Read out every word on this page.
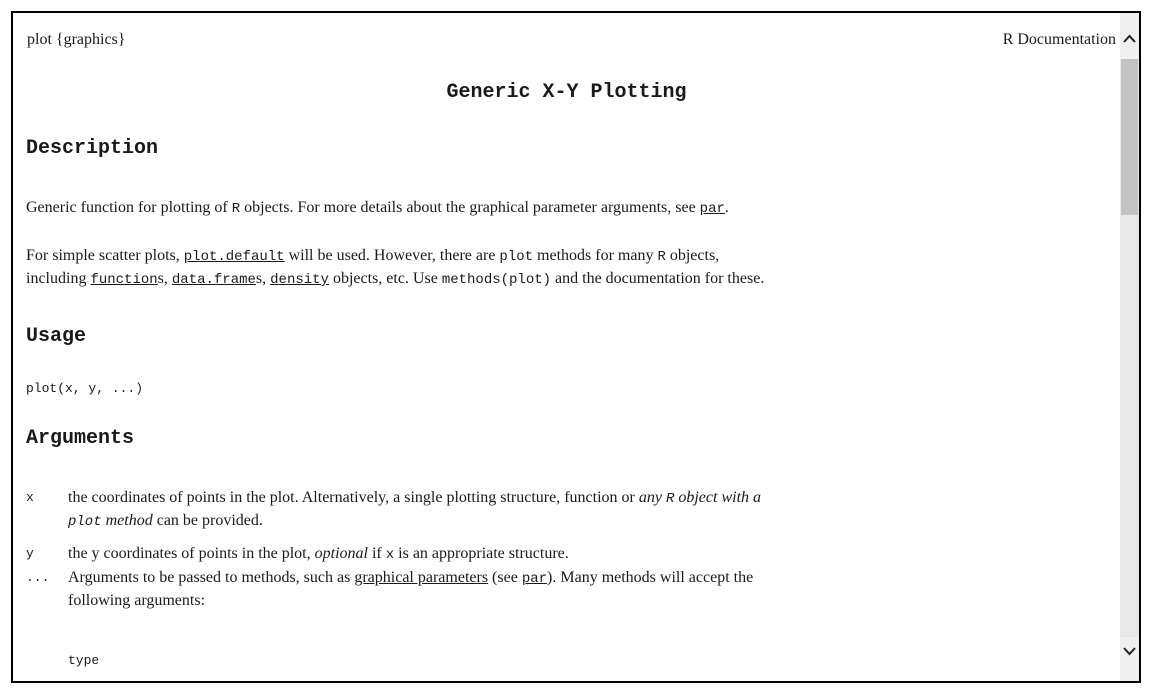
plot {graphics}	R Documentation
Generic X-Y Plotting
Description
Generic function for plotting of R objects. For more details about the graphical parameter arguments, see par.
For simple scatter plots, plot.default will be used. However, there are plot methods for many R objects,
including functions, data.frames, density objects, etc. Use methods(plot) and the documentation for these.
Usage
plot(x, y, ...)
Arguments
x the coordinates of points in the plot. Alternatively, a single plotting structure, function or any R object with a
plot method can be provided.
y the y coordinates of points in the plot, optional if x is an appropriate structure.
... Arguments to be passed to methods, such as graphical parameters (see par). Many methods will accept the
following arguments:
type
